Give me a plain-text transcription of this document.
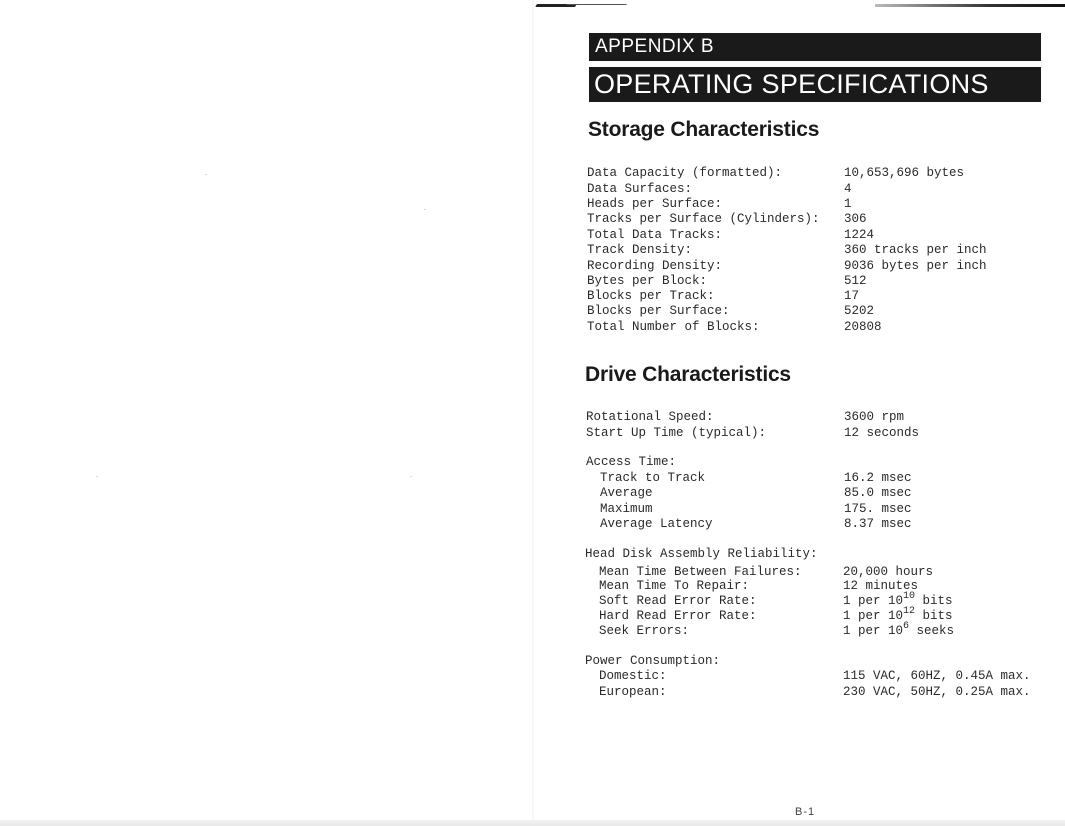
APPENDIX B
OPERATING SPECIFICATIONS
Storage Characteristics
Data Capacity (formatted):	10,653,696 bytes
Data Surfaces:	4
Heads per Surface:	1
Tracks per Surface (Cylinders): 306
Total Data Tracks:	1224
Track Density:	360 tracks per inch
Recording Density:	9036 bytes per inch
Bytes per Block:	512
Blocks per Track:	17
Blocks per Surface:	5202
Total Number of Blocks:	20808
Drive Characteristics
Rotational Speed:	3600 rpm
Start Up Time (typical):	12 seconds
Access Time:
Track to Track	16.2 msec
Average	85.0 msec
Maximum	175. msec
Average Latency	8.37 msec
Head Disk Assembly Reliability:
Mean Time Between Failures:	20,000 hours
Mean Time To Repair:	12 minutes
Soft Read Error Rate:	1 per $10^{10}$ bits
Hard Read Error Rate:	1 per $10^{12}$ bits
Seek Errors:	1 per $10^6$ seeks
Power Consumption:
Domestic:	115 VAC, 60HZ, 0.45A max.
European:	230 VAC, 50HZ, 0.25A max.
B-1
